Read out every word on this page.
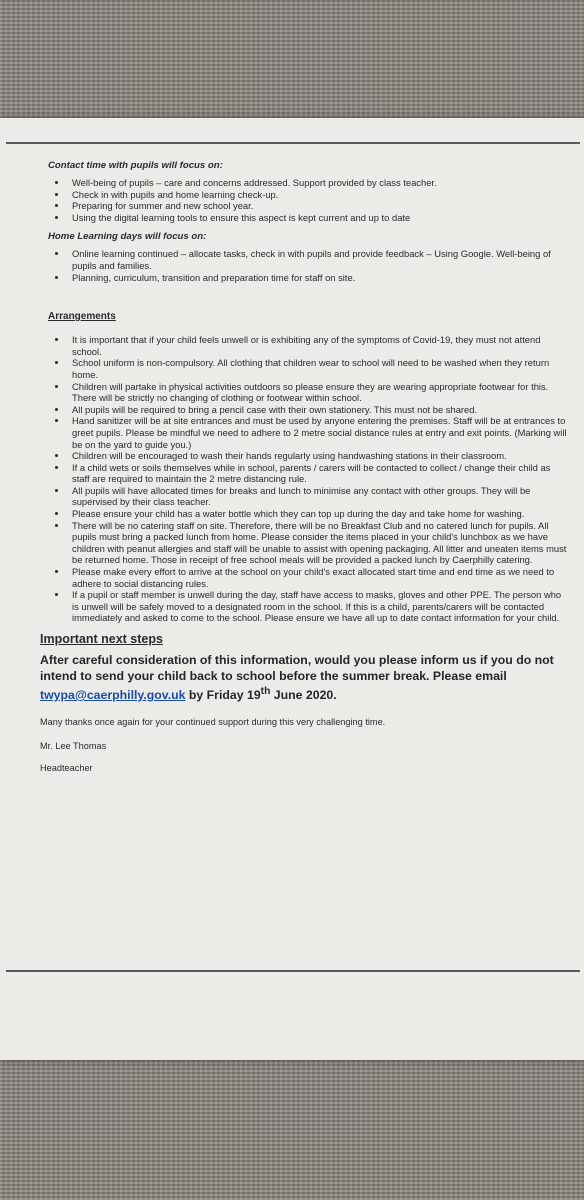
Contact time with pupils will focus on:

• Well-being of pupils – care and concerns addressed. Support provided by class teacher.
• Check in with pupils and home learning check-up.
• Preparing for summer and new school year.
• Using the digital learning tools to ensure this aspect is kept current and up to date

Home Learning days will focus on:

• Online learning continued – allocate tasks, check in with pupils and provide feedback – Using Google. Well-being of pupils and families.
• Planning, curriculum, transition and preparation time for staff on site.

Arrangements

• It is important that if your child feels unwell or is exhibiting any of the symptoms of Covid-19, they must not attend school.
• School uniform is non-compulsory. All clothing that children wear to school will need to be washed when they return home.
• Children will partake in physical activities outdoors so please ensure they are wearing appropriate footwear for this. There will be strictly no changing of clothing or footwear within school.
• All pupils will be required to bring a pencil case with their own stationery. This must not be shared.
• Hand sanitizer will be at site entrances and must be used by anyone entering the premises. Staff will be at entrances to greet pupils. Please be mindful we need to adhere to 2 metre social distance rules at entry and exit points. (Marking will be on the yard to guide you.)
• Children will be encouraged to wash their hands regularly using handwashing stations in their classroom.
• If a child wets or soils themselves while in school, parents / carers will be contacted to collect / change their child as staff are required to maintain the 2 metre distancing rule.
• All pupils will have allocated times for breaks and lunch to minimise any contact with other groups. They will be supervised by their class teacher.
• Please ensure your child has a water bottle which they can top up during the day and take home for washing.
• There will be no catering staff on site. Therefore, there will be no Breakfast Club and no catered lunch for pupils. All pupils must bring a packed lunch from home. Please consider the items placed in your child's lunchbox as we have children with peanut allergies and staff will be unable to assist with opening packaging. All litter and uneaten items must be returned home. Those in receipt of free school meals will be provided a packed lunch by Caerphilly catering.
• Please make every effort to arrive at the school on your child's exact allocated start time and end time as we need to adhere to social distancing rules.
• If a pupil or staff member is unwell during the day, staff have access to masks, gloves and other PPE. The person who is unwell will be safely moved to a designated room in the school. If this is a child, parents/carers will be contacted immediately and asked to come to the school. Please ensure we have all up to date contact information for your child.

Important next steps

After careful consideration of this information, would you please inform us if you do not intend to send your child back to school before the summer break. Please email twypa@caerphilly.gov.uk by Friday 19th June 2020.

Many thanks once again for your continued support during this very challenging time.

Mr. Lee Thomas

Headteacher
